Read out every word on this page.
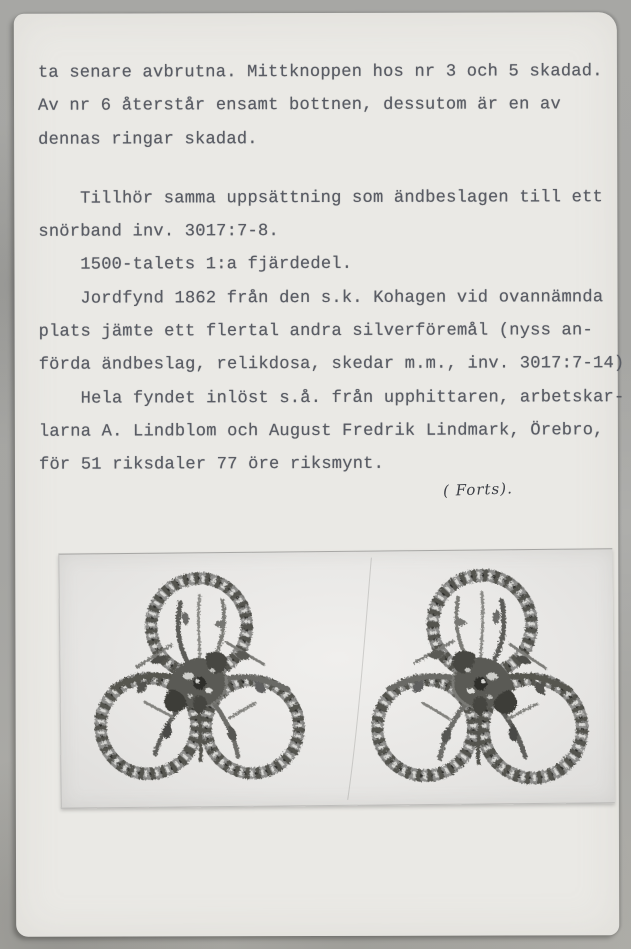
ta senare avbrutna. Mittknoppen hos nr 3 och 5 skadad.
Av nr 6 återstår ensamt bottnen, dessutom är en av
dennas ringar skadad.
Tillhör samma uppsättning som ändbeslagen till ett
snörband inv. 3017:7-8.
1500-talets 1:a fjärdedel.
Jordfynd 1862 från den s.k. Kohagen vid ovannämnda
plats jämte ett flertal andra silverföremål (nyss an-
förda ändbeslag, relikdosa, skedar m.m., inv. 3017:7-14)
Hela fyndet inlöst s.å. från upphittaren, arbetskar-
larna A. Lindblom och August Fredrik Lindmark, Örebro,
för 51 riksdaler 77 öre riksmynt.
( Forts).
